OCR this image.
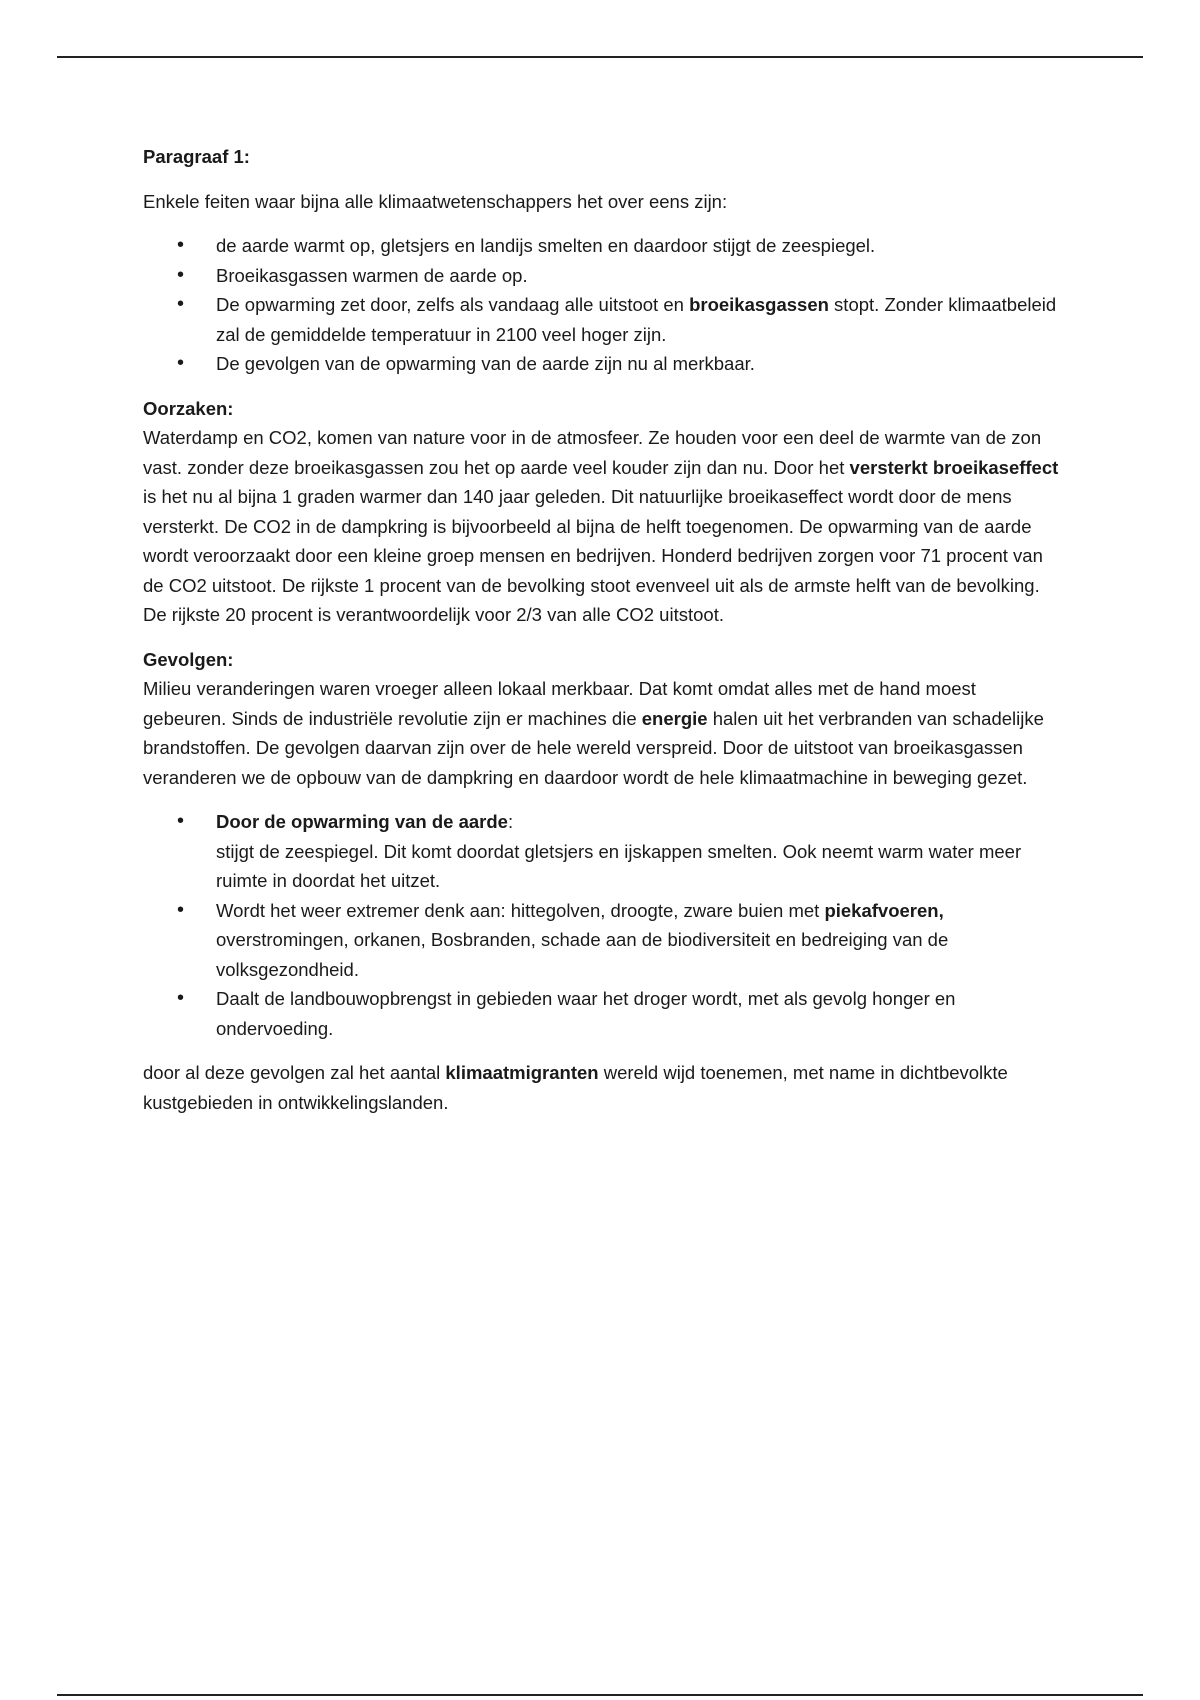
Paragraaf 1:

Enkele feiten waar bijna alle klimaatwetenschappers het over eens zijn:

• de aarde warmt op, gletsjers en landijs smelten en daardoor stijgt de zeespiegel.
• Broeikasgassen warmen de aarde op.
• De opwarming zet door, zelfs als vandaag alle uitstoot en broeikasgassen stopt. Zonder klimaatbeleid zal de gemiddelde temperatuur in 2100 veel hoger zijn.
• De gevolgen van de opwarming van de aarde zijn nu al merkbaar.

Oorzaken:

Waterdamp en CO2, komen van nature voor in de atmosfeer. Ze houden voor een deel de warmte van de zon vast. zonder deze broeikasgassen zou het op aarde veel kouder zijn dan nu. Door het versterkt broeikaseffect is het nu al bijna 1 graden warmer dan 140 jaar geleden. Dit natuurlijke broeikaseffect wordt door de mens versterkt. De CO2 in de dampkring is bijvoorbeeld al bijna de helft toegenomen. De opwarming van de aarde wordt veroorzaakt door een kleine groep mensen en bedrijven. Honderd bedrijven zorgen voor 71 procent van de CO2 uitstoot. De rijkste 1 procent van de bevolking stoot evenveel uit als de armste helft van de bevolking. De rijkste 20 procent is verantwoordelijk voor 2/3 van alle CO2 uitstoot.

Gevolgen:

Milieu veranderingen waren vroeger alleen lokaal merkbaar. Dat komt omdat alles met de hand moest gebeuren. Sinds de industriële revolutie zijn er machines die energie halen uit het verbranden van schadelijke brandstoffen. De gevolgen daarvan zijn over de hele wereld verspreid. Door de uitstoot van broeikasgassen veranderen we de opbouw van de dampkring en daardoor wordt de hele klimaatmachine in beweging gezet.

• Door de opwarming van de aarde:
stijgt de zeespiegel. Dit komt doordat gletsjers en ijskappen smelten. Ook neemt warm water meer ruimte in doordat het uitzet.
• Wordt het weer extremer denk aan: hittegolven, droogte, zware buien met piekafvoeren, overstromingen, orkanen, Bosbranden, schade aan de biodiversiteit en bedreiging van de volksgezondheid.
• Daalt de landbouwopbrengst in gebieden waar het droger wordt, met als gevolg honger en ondervoeding.

door al deze gevolgen zal het aantal klimaatmigranten wereld wijd toenemen, met name in dichtbevolkte kustgebieden in ontwikkelingslanden.
